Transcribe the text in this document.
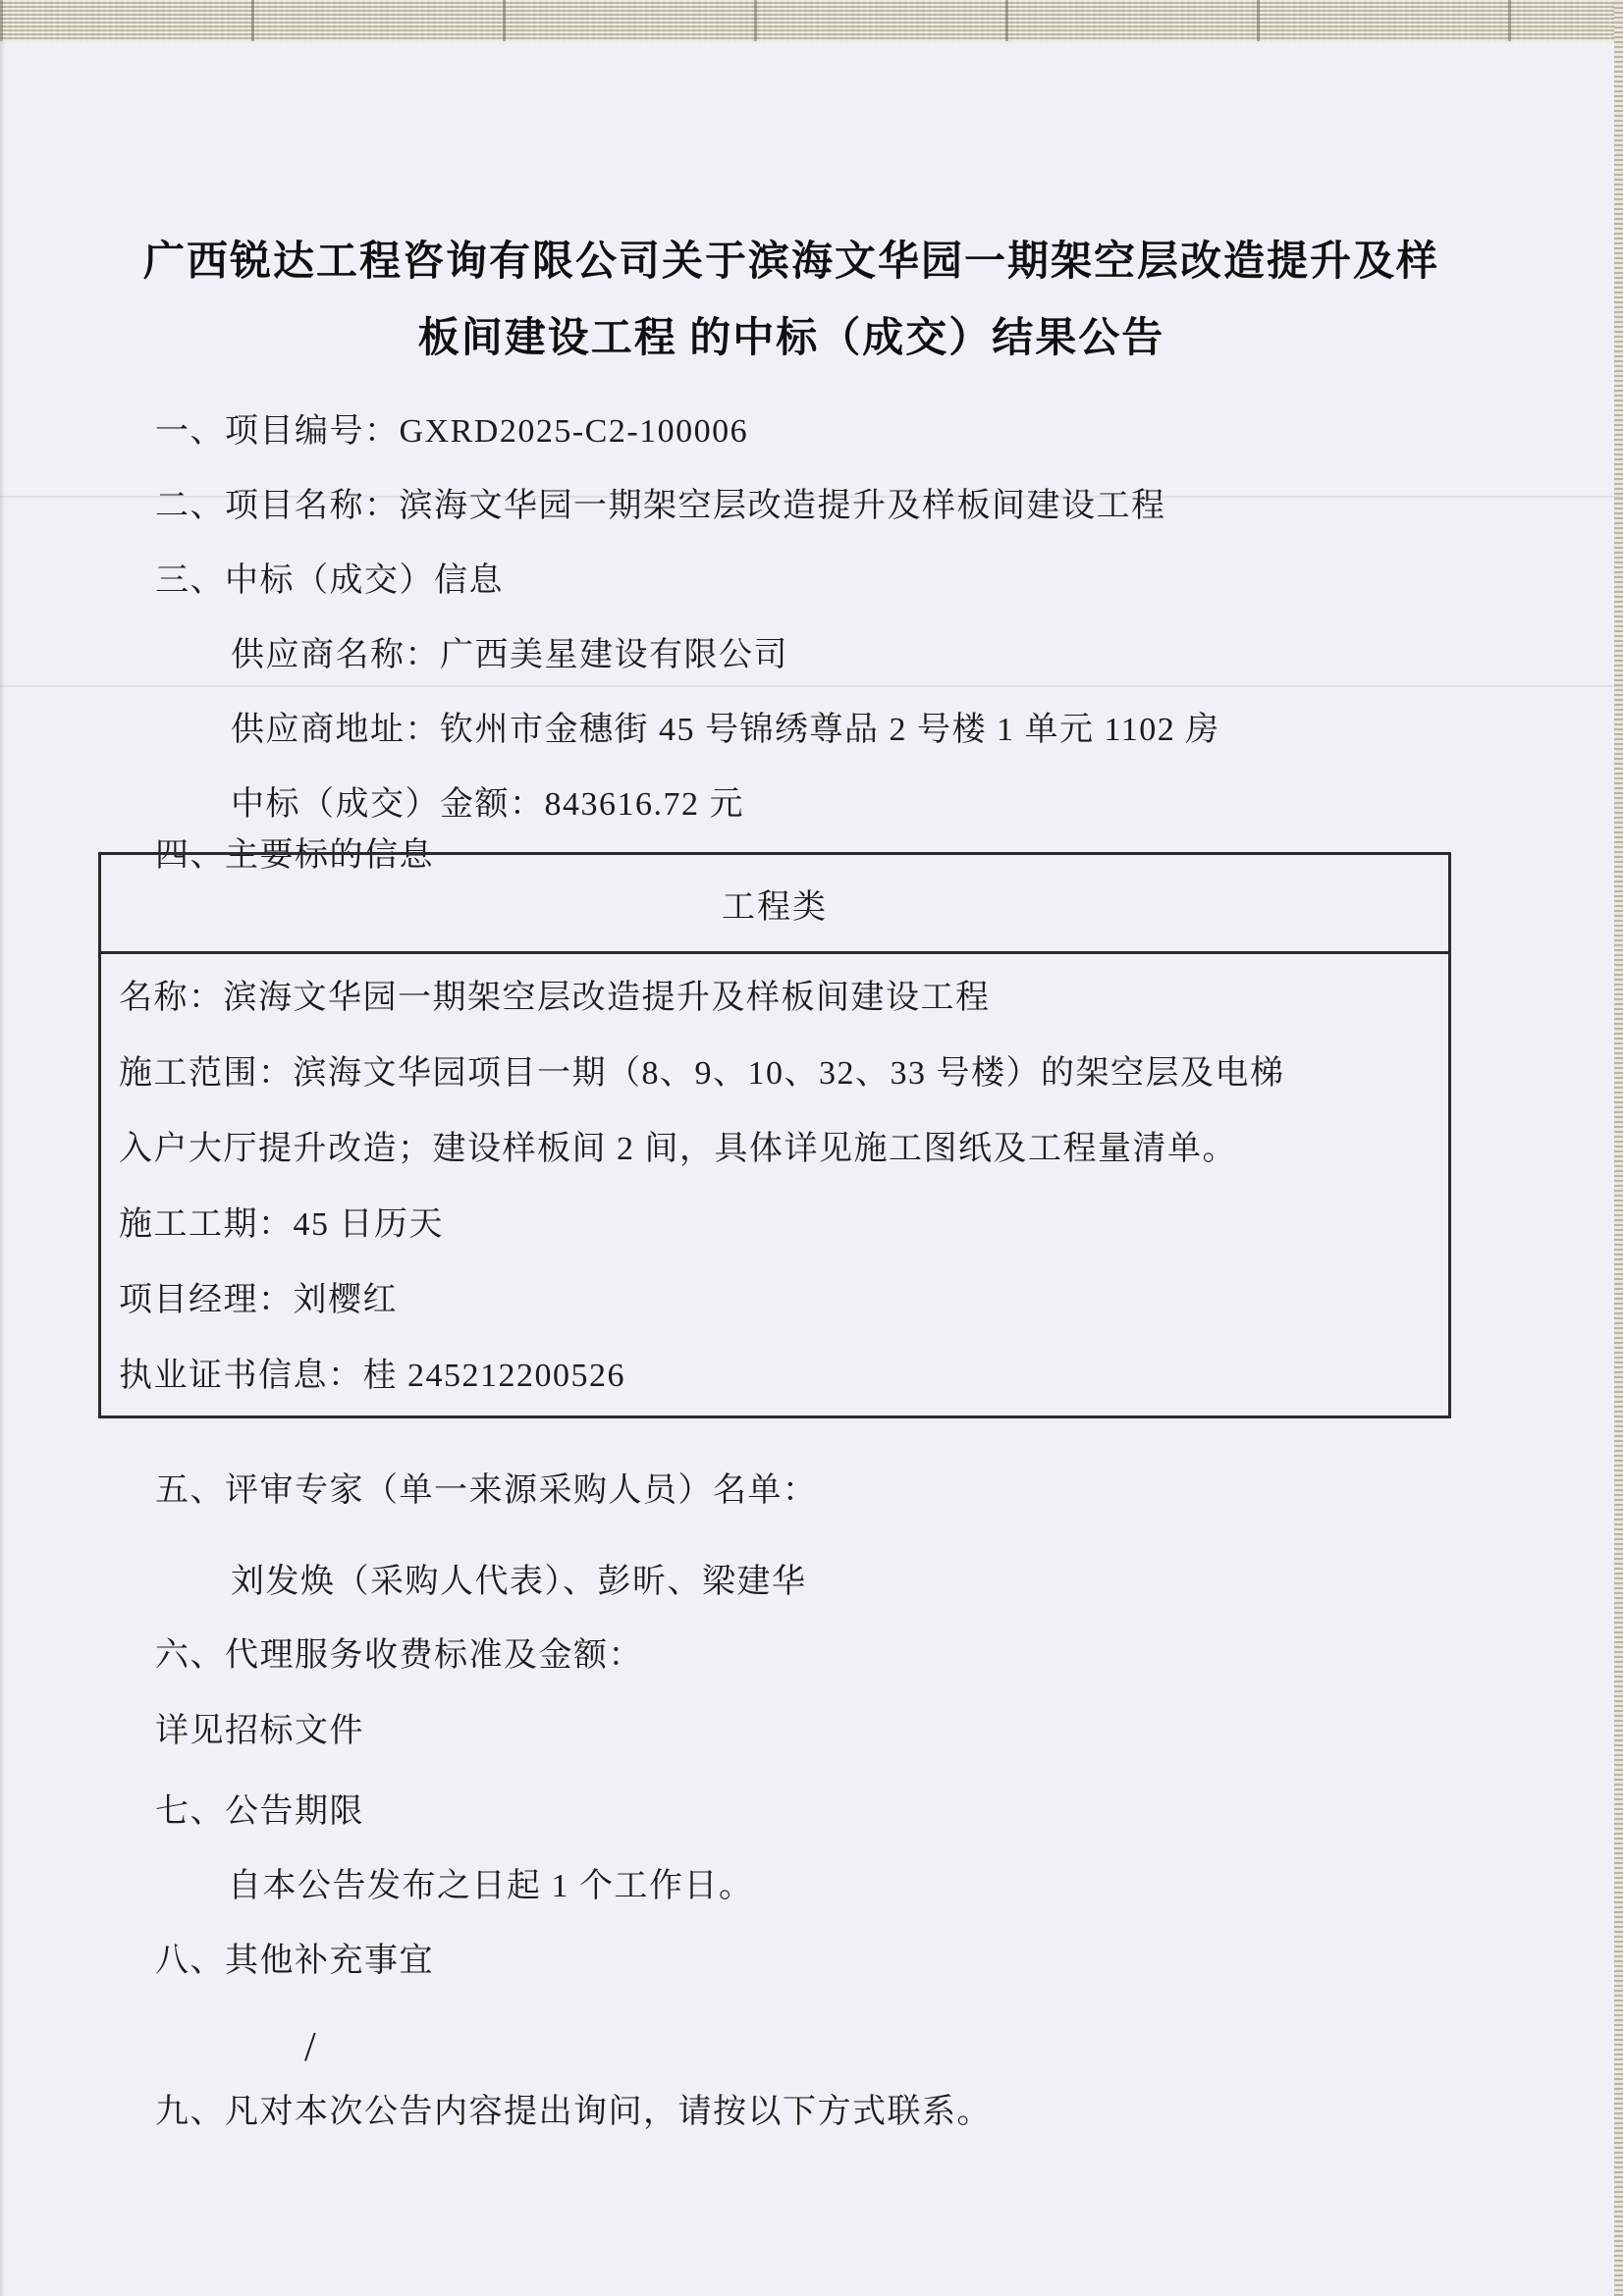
广西锐达工程咨询有限公司关于滨海文华园一期架空层改造提升及样
板间建设工程 的中标（成交）结果公告

一、项目编号：GXRD2025-C2-100006

二、项目名称：滨海文华园一期架空层改造提升及样板间建设工程

三、中标（成交）信息

供应商名称：广西美星建设有限公司

供应商地址：钦州市金穗街 45 号锦绣尊品 2 号楼 1 单元 1102 房

中标（成交）金额：843616.72 元

四、主要标的信息

工程类

名称：滨海文华园一期架空层改造提升及样板间建设工程

施工范围：滨海文华园项目一期（8、9、10、32、33 号楼）的架空层及电梯

入户大厅提升改造；建设样板间 2 间，具体详见施工图纸及工程量清单。

施工工期：45 日历天

项目经理：刘樱红

执业证书信息：桂 245212200526

五、评审专家（单一来源采购人员）名单：

刘发焕（采购人代表）、彭昕、梁建华

六、代理服务收费标准及金额：

详见招标文件

七、公告期限

自本公告发布之日起 1 个工作日。

八、其他补充事宜

/

九、凡对本次公告内容提出询问，请按以下方式联系。
